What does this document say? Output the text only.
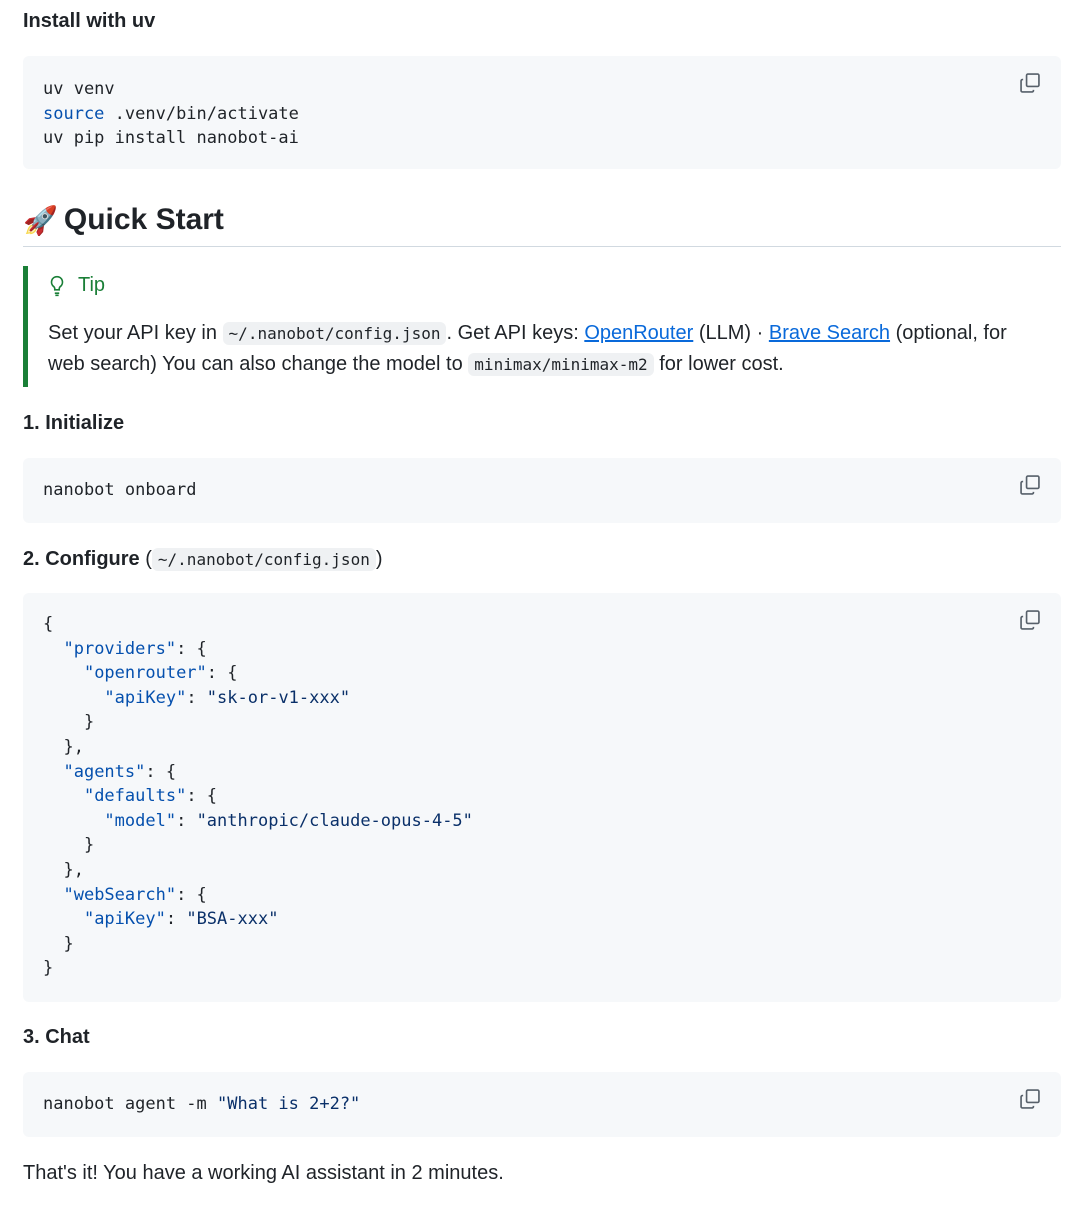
Install with uv
uv venv
source .venv/bin/activate
uv pip install nanobot-ai
🚀 Quick Start
Tip
Set your API key in ~/.nanobot/config.json . Get API keys: OpenRouter (LLM) · Brave Search (optional, for
web search) You can also change the model to minimax/minimax-m2 for lower cost.
1. Initialize
nanobot onboard
2. Configure ( ~/.nanobot/config.json )
{
"providers": {
"openrouter": {
"apiKey": "sk-or-v1-xxx"
}
},
"agents": {
"defaults": {
"model": "anthropic/claude-opus-4-5"
}
},
"webSearch": {
"apiKey": "BSA-xxx"
}
}
3. Chat
nanobot agent -m "What is 2+2?"
That's it! You have a working AI assistant in 2 minutes.
